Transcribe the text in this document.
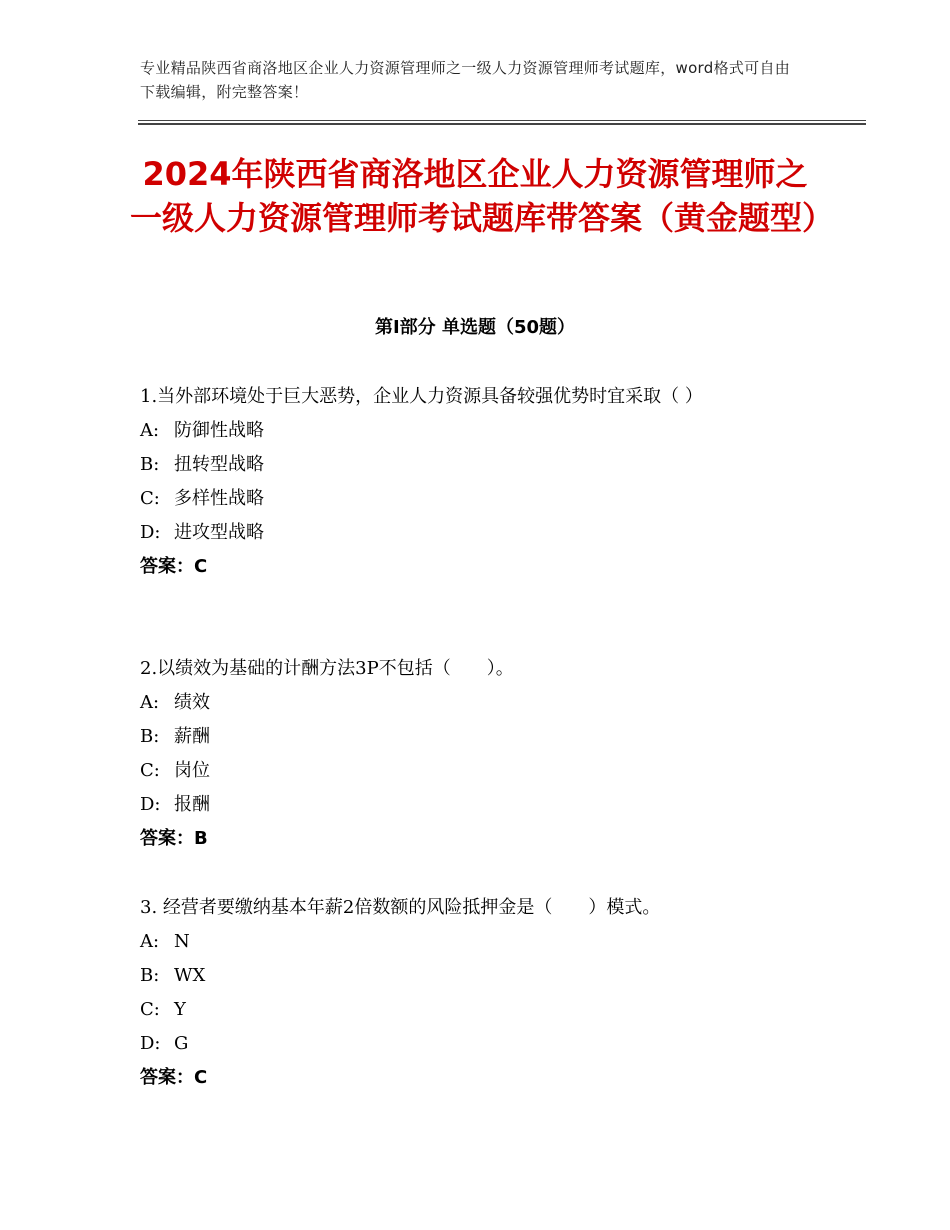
专业精品陕西省商洛地区企业人力资源管理师之一级人力资源管理师考试题库，word格式可自由下载编辑，附完整答案！
2024年陕西省商洛地区企业人力资源管理师之一级人力资源管理师考试题库带答案（黄金题型）
第Ⅰ部分 单选题（50题）

1.当外部环境处于巨大恶势，企业人力资源具备较强优势时宜采取（ ）

A: 防御性战略

B: 扭转型战略

C: 多样性战略

D: 进攻型战略

答案：C

2.以绩效为基础的计酬方法3P不包括（　　）。

A: 绩效

B: 薪酬

C: 岗位

D: 报酬

答案：B

3. 经营者要缴纳基本年薪2倍数额的风险抵押金是（　　）模式。

A: N

B: WX

C: Y

D: G

答案：C
